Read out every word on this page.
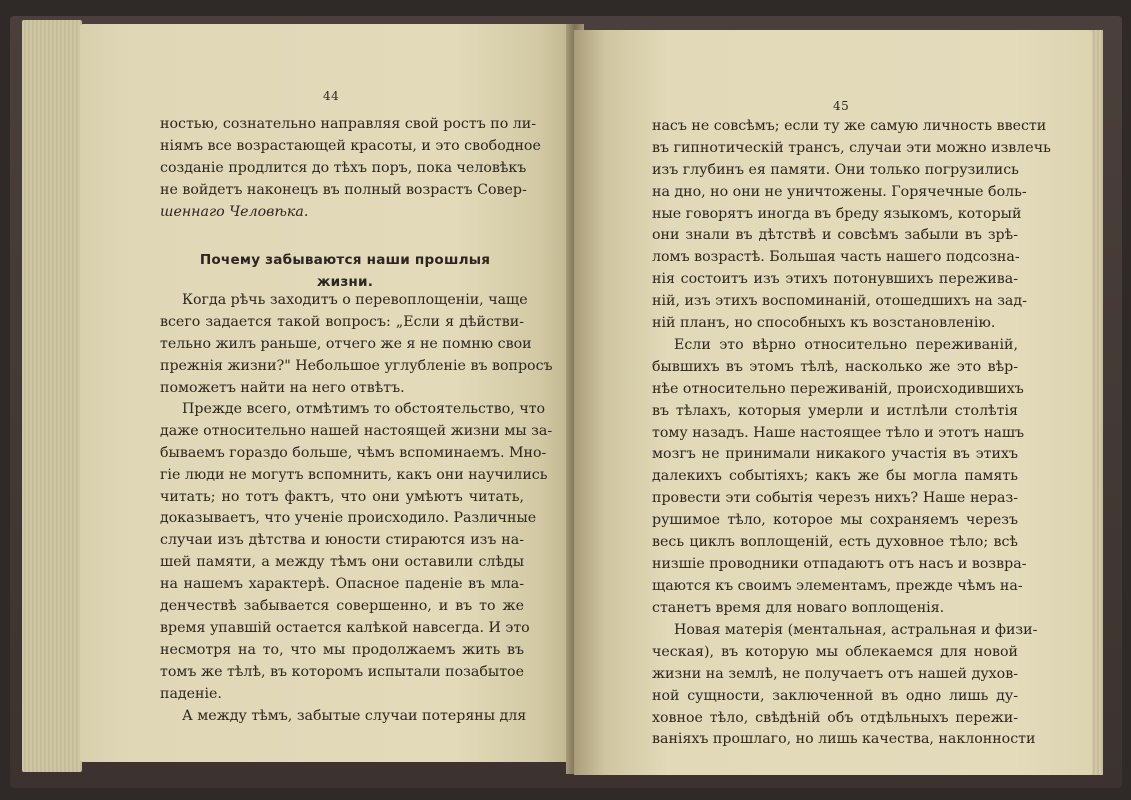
44
ностью, сознательно направляя свой ростъ по ли-
ніямъ все возрастающей красоты, и это свободное
созданіе продлится до тѣхъ поръ, пока человѣкъ
не войдетъ наконецъ въ полный возрастъ Совер-
шеннаго Человѣка.
Почему забываются наши прошлыя жизни.
Когда рѣчь заходитъ о перевоплощеніи, чаще
всего задается такой вопросъ: „Если я дѣйстви-
тельно жилъ раньше, отчего же я не помню свои
прежнія жизни?" Небольшое углубленіе въ вопросъ
поможетъ найти на него отвѣтъ.
Прежде всего, отмѣтимъ то обстоятельство, что
даже относительно нашей настоящей жизни мы за-
бываемъ гораздо больше, чѣмъ вспоминаемъ. Мно-
гіе люди не могутъ вспомнить, какъ они научились
читать; но тотъ фактъ, что они умѣютъ читать,
доказываетъ, что ученіе происходило. Различные
случаи изъ дѣтства и юности стираются изъ на-
шей памяти, а между тѣмъ они оставили слѣды
на нашемъ характерѣ. Опасное паденіе въ мла-
денчествѣ забывается совершенно, и въ то же
время упавшій остается калѣкой навсегда. И это
несмотря на то, что мы продолжаемъ жить въ
томъ же тѣлѣ, въ которомъ испытали позабытое
паденіе.
А между тѣмъ, забытые случаи потеряны для
45
насъ не совсѣмъ; если ту же самую личность ввести
въ гипнотическій трансъ, случаи эти можно извлечь
изъ глубинъ ея памяти. Они только погрузились
на дно, но они не уничтожены. Горячечные боль-
ные говорятъ иногда въ бреду языкомъ, который
они знали въ дѣтствѣ и совсѣмъ забыли въ зрѣ-
ломъ возрастѣ. Большая часть нашего подсозна-
нія состоитъ изъ этихъ потонувшихъ пережива-
ній, изъ этихъ воспоминаній, отошедшихъ на зад-
ній планъ, но способныхъ къ возстановленію.
Если это вѣрно относительно переживаній,
бывшихъ въ этомъ тѣлѣ, насколько же это вѣр-
нѣе относительно переживаній, происходившихъ
въ тѣлахъ, которыя умерли и истлѣли столѣтія
тому назадъ. Наше настоящее тѣло и этотъ нашъ
мозгъ не принимали никакого участія въ этихъ
далекихъ событіяхъ; какъ же бы могла память
провести эти событія черезъ нихъ? Наше нераз-
рушимое тѣло, которое мы сохраняемъ черезъ
весь циклъ воплощеній, есть духовное тѣло; всѣ
низшіе проводники отпадаютъ отъ насъ и возвра-
щаются къ своимъ элементамъ, прежде чѣмъ на-
станетъ время для новаго воплощенія.
Новая матерія (ментальная, астральная и физи-
ческая), въ которую мы облекаемся для новой
жизни на землѣ, не получаетъ отъ нашей духов-
ной сущности, заключенной въ одно лишь ду-
ховное тѣло, свѣдѣній объ отдѣльныхъ пережи-
ваніяхъ прошлаго, но лишь качества, наклонности
